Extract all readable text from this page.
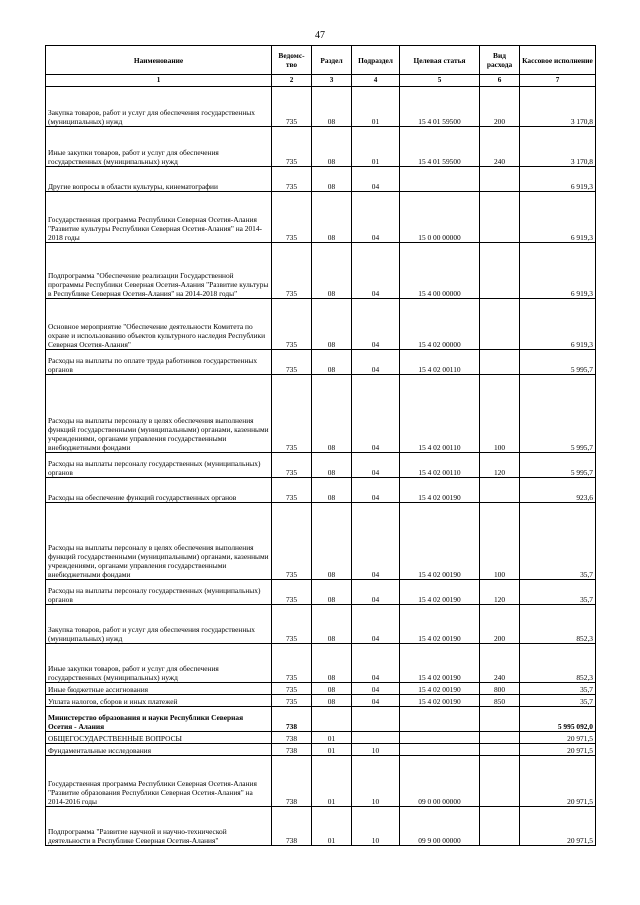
47
Наименование	Ведомс-тво	Раздел	Подраздел	Целевая статья	Вид расхода	Кассовое исполнение
1	2	3	4	5	6	7
Закупка товаров, работ и услуг для обеспечения государственных (муниципальных) нужд	735	08	01	15 4 01 59500	200	3 170,8
Иные закупки товаров, работ и услуг для обеспечения государственных (муниципальных) нужд	735	08	01	15 4 01 59500	240	3 170,8
Другие вопросы в области культуры, кинематографии	735	08	04			6 919,3
Государственная программа Республики Северная Осетия-Алания "Развитие культуры Республики Северная Осетия-Алания" на 2014-2018 годы	735	08	04	15 0 00 00000		6 919,3
Подпрограмма "Обеспечение реализации Государственной программы Республики Северная Осетия-Алания "Развитие культуры в Республике Северная Осетия-Алания" на 2014-2018 годы"	735	08	04	15 4 00 00000		6 919,3
Основное мероприятие "Обеспечение деятельности Комитета по охране и использованию объектов культурного наследия Республики Северная Осетия-Алания"	735	08	04	15 4 02 00000		6 919,3
Расходы на выплаты по оплате труда работников государственных органов	735	08	04	15 4 02 00110		5 995,7
Расходы на выплаты персоналу в целях обеспечения выполнения функций государственными (муниципальными) органами, казенными учреждениями, органами управления государственными внебюджетными фондами	735	08	04	15 4 02 00110	100	5 995,7
Расходы на выплаты персоналу государственных (муниципальных) органов	735	08	04	15 4 02 00110	120	5 995,7
Расходы на обеспечение функций государственных органов	735	08	04	15 4 02 00190		923,6
Расходы на выплаты персоналу в целях обеспечения выполнения функций государственными (муниципальными) органами, казенными учреждениями, органами управления государственными внебюджетными фондами	735	08	04	15 4 02 00190	100	35,7
Расходы на выплаты персоналу государственных (муниципальных) органов	735	08	04	15 4 02 00190	120	35,7
Закупка товаров, работ и услуг для обеспечения государственных (муниципальных) нужд	735	08	04	15 4 02 00190	200	852,3
Иные закупки товаров, работ и услуг для обеспечения государственных (муниципальных) нужд	735	08	04	15 4 02 00190	240	852,3
Иные бюджетные ассигнования	735	08	04	15 4 02 00190	800	35,7
Уплата налогов, сборов и иных платежей	735	08	04	15 4 02 00190	850	35,7
Министерство образования и науки Республики Северная Осетия - Алания	738					5 995 092,0
ОБЩЕГОСУДАРСТВЕННЫЕ ВОПРОСЫ	738	01				20 971,5
Фундаментальные исследования	738	01	10			20 971,5
Государственная программа Республики Северная Осетия-Алания "Развитие образования Республики Северная Осетия-Алания" на 2014-2016 годы	738	01	10	09 0 00 00000		20 971,5
Подпрограмма "Развитие научной и научно-технической деятельности в Республике Северная Осетия-Алания"	738	01	10	09 9 00 00000		20 971,5
